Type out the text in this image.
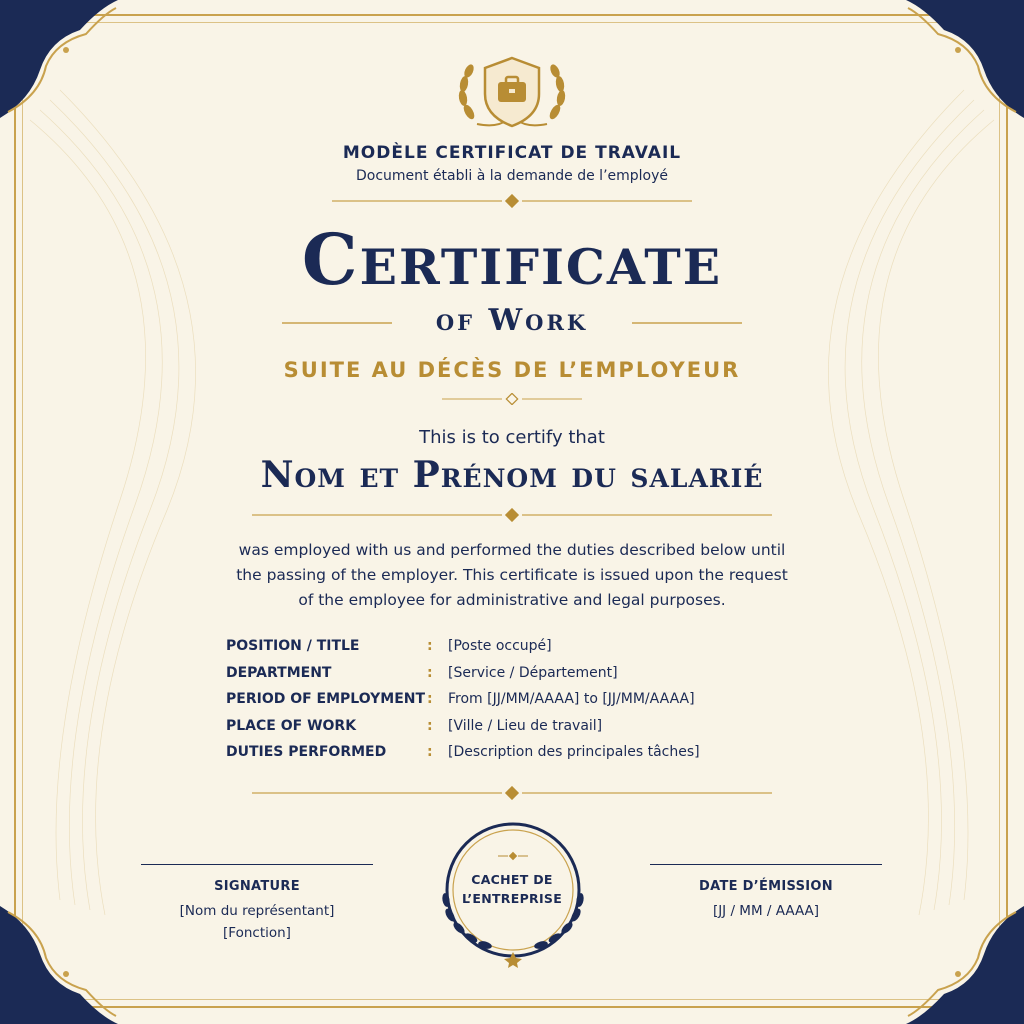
MODÈLE CERTIFICAT DE TRAVAIL
Document établi à la demande de l’employé
Certificate
of Work
SUITE AU DÉCÈS DE L’EMPLOYEUR
This is to certify that
Nom et Prénom du salarié
was employed with us and performed the duties described below until
the passing of the employer. This certificate is issued upon the request
of the employee for administrative and legal purposes.
POSITION / TITLE	: [Poste occupé]
DEPARTMENT	: [Service / Département]
PERIOD OF EMPLOYMENT : From [JJ/MM/AAAA] to [JJ/MM/AAAA]
PLACE OF WORK	: [Ville / Lieu de travail]
DUTIES PERFORMED	: [Description des principales tâches]
SIGNATURE
[Nom du représentant]
[Fonction]
CACHET DE
L’ENTREPRISE
DATE D’ÉMISSION
[JJ / MM / AAAA]
